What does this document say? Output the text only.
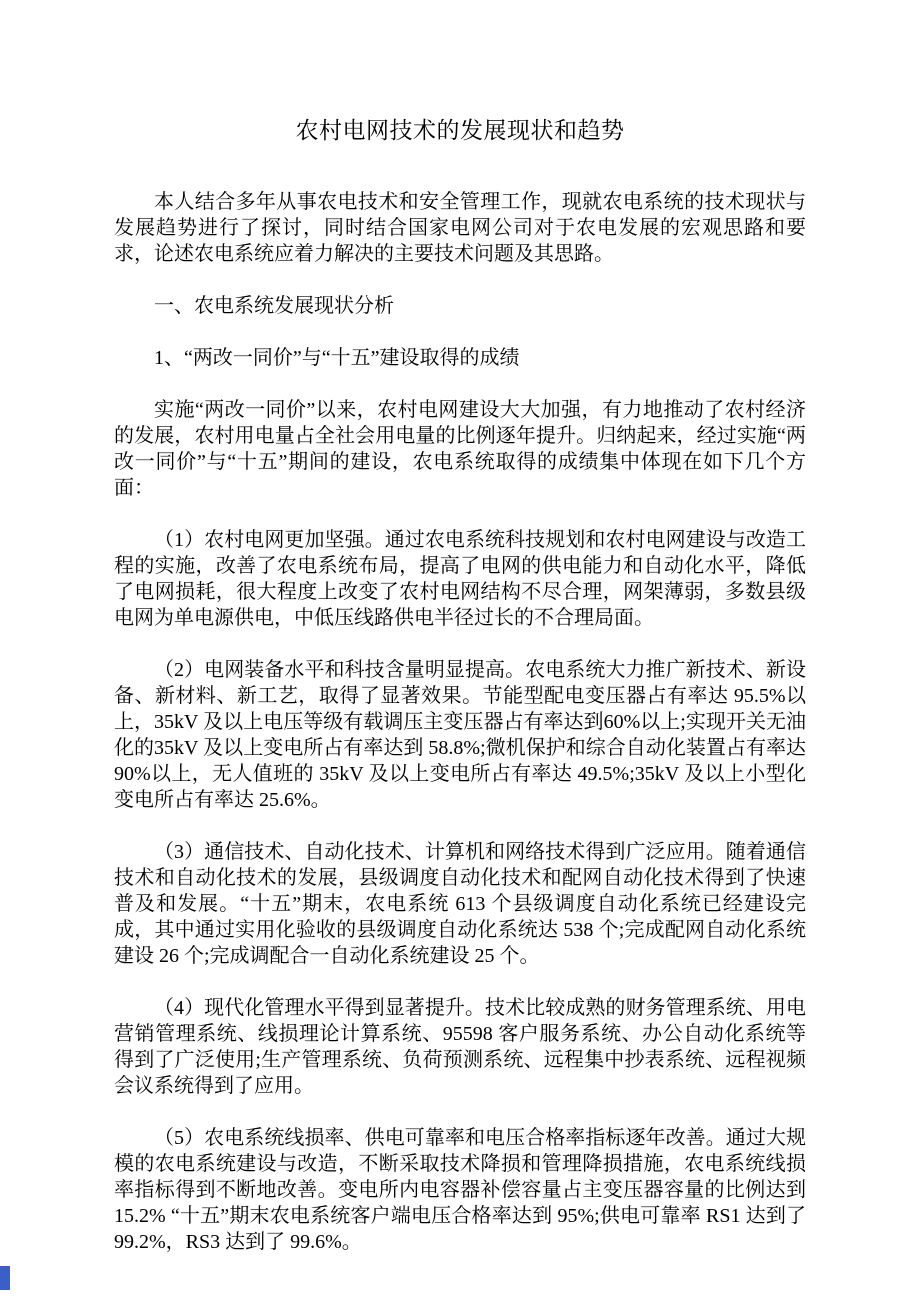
农村电网技术的发展现状和趋势

本人结合多年从事农电技术和安全管理工作，现就农电系统的技术现状与发展趋势进行了探讨，同时结合国家电网公司对于农电发展的宏观思路和要求，论述农电系统应着力解决的主要技术问题及其思路。

一、农电系统发展现状分析

1、“两改一同价”与“十五”建设取得的成绩

实施“两改一同价”以来，农村电网建设大大加强，有力地推动了农村经济的发展，农村用电量占全社会用电量的比例逐年提升。归纳起来，经过实施“两改一同价”与“十五”期间的建设，农电系统取得的成绩集中体现在如下几个方面：

（1）农村电网更加坚强。通过农电系统科技规划和农村电网建设与改造工程的实施，改善了农电系统布局，提高了电网的供电能力和自动化水平，降低了电网损耗，很大程度上改变了农村电网结构不尽合理，网架薄弱，多数县级电网为单电源供电，中低压线路供电半径过长的不合理局面。

（2）电网装备水平和科技含量明显提高。农电系统大力推广新技术、新设备、新材料、新工艺，取得了显著效果。节能型配电变压器占有率达 95.5%以上，35kV 及以上电压等级有载调压主变压器占有率达到60%以上;实现开关无油化的35kV 及以上变电所占有率达到 58.8%;微机保护和综合自动化装置占有率达 90%以上，无人值班的 35kV 及以上变电所占有率达 49.5%;35kV 及以上小型化变电所占有率达 25.6%。

（3）通信技术、自动化技术、计算机和网络技术得到广泛应用。随着通信技术和自动化技术的发展，县级调度自动化技术和配网自动化技术得到了快速普及和发展。“十五”期末，农电系统 613 个县级调度自动化系统已经建设完成，其中通过实用化验收的县级调度自动化系统达 538 个;完成配网自动化系统建设 26 个;完成调配合一自动化系统建设 25 个。

（4）现代化管理水平得到显著提升。技术比较成熟的财务管理系统、用电营销管理系统、线损理论计算系统、95598 客户服务系统、办公自动化系统等得到了广泛使用;生产管理系统、负荷预测系统、远程集中抄表系统、远程视频会议系统得到了应用。

（5）农电系统线损率、供电可靠率和电压合格率指标逐年改善。通过大规模的农电系统建设与改造，不断采取技术降损和管理降损措施，农电系统线损率指标得到不断地改善。变电所内电容器补偿容量占主变压器容量的比例达到 15.2% “十五”期末农电系统客户端电压合格率达到 95%;供电可靠率 RS1 达到了 99.2%，RS3 达到了 99.6%。
